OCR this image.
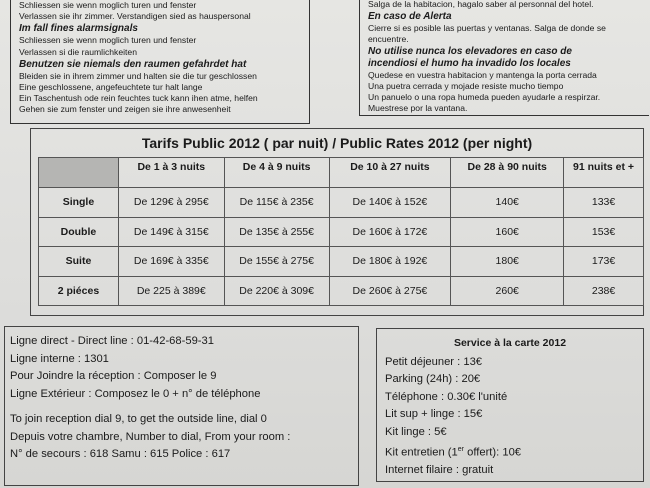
Schliessen sie wenn moglich turen und fenster
Verlassen sie ihr zimmer. Verstandigen sied as hauspersonal
Im fall fines alarmsignals
Schliessen sie wenn moglich turen und fenster
Verlassen si die raumlichkeiten
Benutzen sie niemals den raumen gefahrdet hat
Bleiden sie in ihrem zimmer und halten sie die tur geschlossen
Eine geschlossene, angefeuchtete tur halt lange
Ein Taschentush ode rein feuchtes tuck kann ihen atme, helfen
Gehen sie zum fenster und zeigen sie ihre anwesenheit
Salga de la habitacion, hagalo saber al personnal del hotel.
En caso de Alerta
Cierre si es posible las puertas y ventanas. Salga de donde se encuentre.
No utilise nunca los elevadores en caso de
incendiosi el humo ha invadido los locales
Quedese en vuestra habitacion y mantenga la porta cerrada
Una puetra cerrada y mojade resiste mucho tiempo
Un panuelo o una ropa humeda pueden ayudarle a respirzar.
Muestrese por la vantana.
Tarifs Public 2012 ( par nuit) / Public Rates 2012 (per night)
	De 1 à 3 nuits	De 4 à 9 nuits	De 10 à 27 nuits	De 28 à 90 nuits	91 nuits et +
Single	De 129€ à 295€	De 115€ à 235€	De 140€ à 152€	140€	133€
Double	De 149€ à 315€	De 135€ à 255€	De 160€ à 172€	160€	153€
Suite	De 169€ à 335€	De 155€ à 275€	De 180€ à 192€	180€	173€
2 piéces	De 225 à 389€	De 220€ à 309€	De 260€ à 275€	260€	238€
Ligne direct - Direct line : 01-42-68-59-31
Ligne interne : 1301
Pour Joindre la réception : Composer le 9
Ligne Extérieur : Composez le 0 + n° de téléphone
To join reception dial 9, to get the outside line, dial 0
Depuis votre chambre, Number to dial, From your room :
N° de secours : 618 Samu : 615 Police : 617
Service à la carte 2012
Petit déjeuner : 13€
Parking (24h) : 20€
Téléphone : 0.30€ l'unité
Lit sup + linge : 15€
Kit linge : 5€
Kit entretien (1er offert): 10€
Internet filaire : gratuit
